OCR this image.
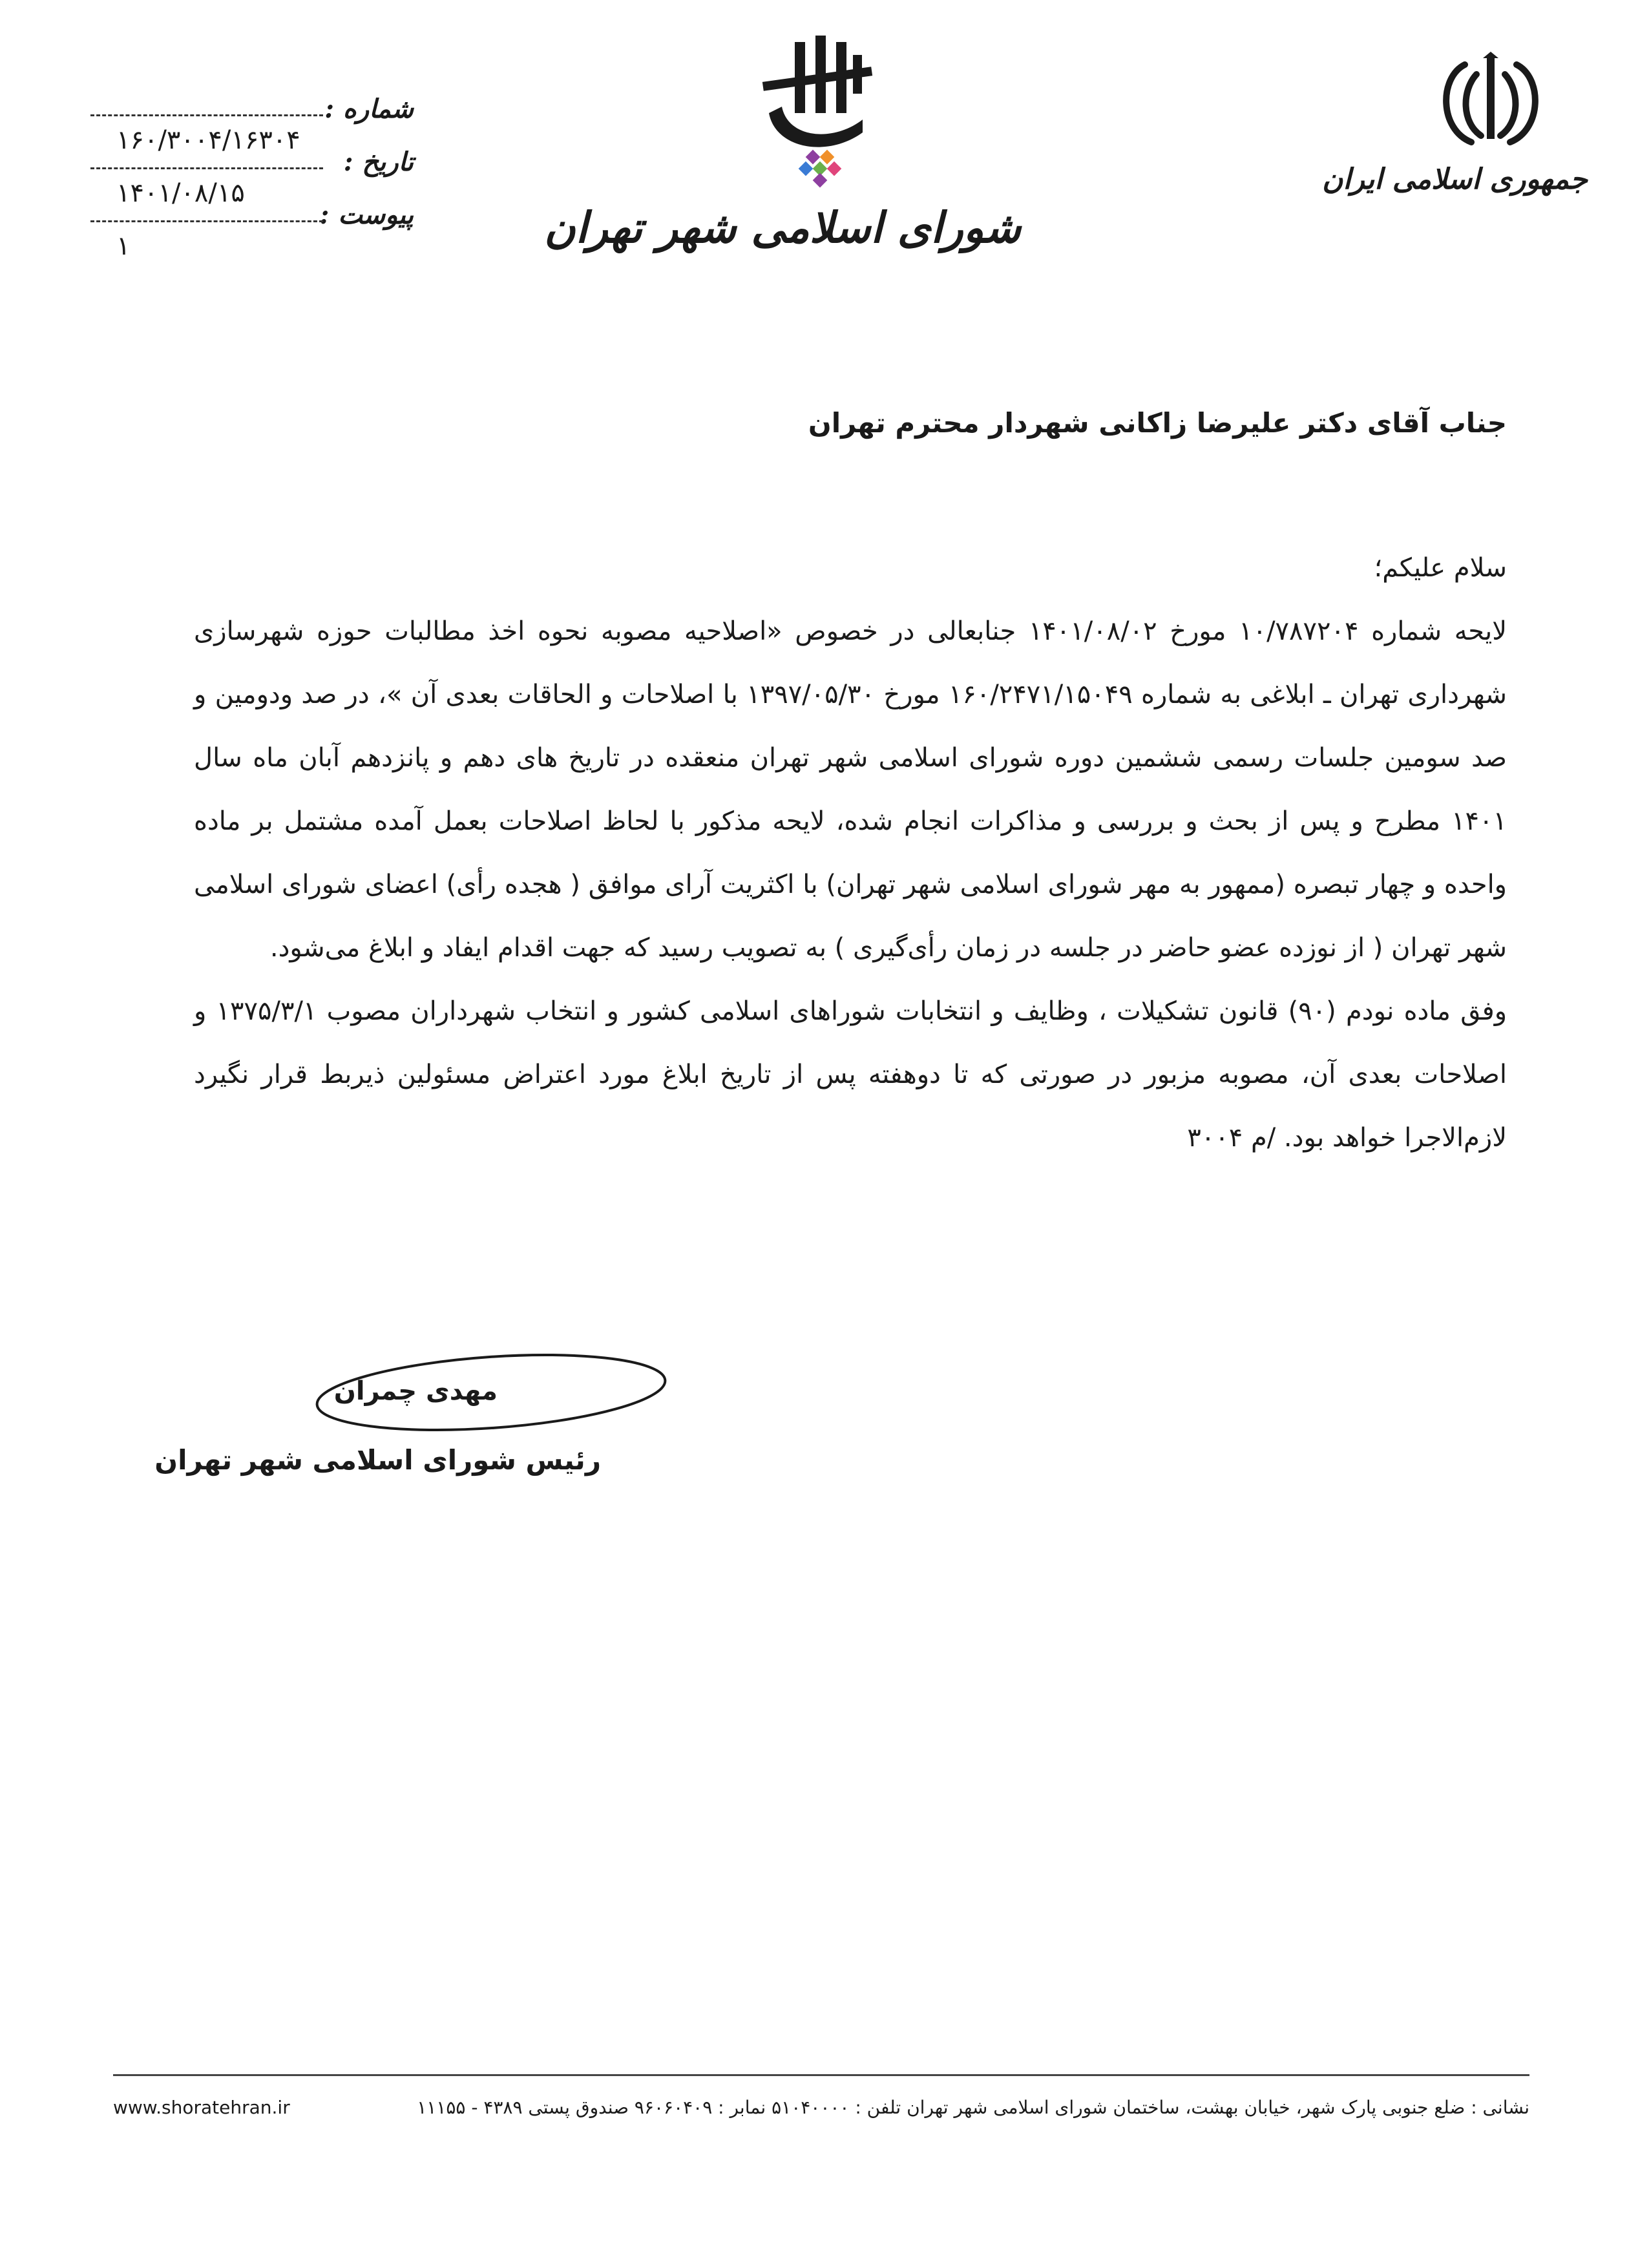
جمهوری اسلامی ایران
شورای اسلامی شهر تهران
شماره :
۱۶۰/۳۰۰۴/۱۶۳۰۴
تاریخ :
۱۴۰۱/۰۸/۱۵
پیوست :
۱
جناب آقای دکتر علیرضا زاکانی شهردار محترم تهران

سلام علیکم؛

لایحه شماره ۱۰/۷۸۷۲۰۴ مورخ ۱۴۰۱/۰۸/۰۲ جنابعالی در خصوص «اصلاحیه مصوبه نحوه اخذ مطالبات حوزه شهرسازی شهرداری تهران ـ ابلاغی به شماره ۱۶۰/۲۴۷۱/۱۵۰۴۹ مورخ ۱۳۹۷/۰۵/۳۰ با اصلاحات و الحاقات بعدی آن »، در صد ودومین و صد سومین جلسات رسمی ششمین دوره شورای اسلامی شهر تهران منعقده در تاریخ های دهم و پانزدهم آبان ماه سال ۱۴۰۱ مطرح و پس از بحث و بررسی و مذاکرات انجام شده، لایحه مذکور با لحاظ اصلاحات بعمل آمده مشتمل بر ماده واحده و چهار تبصره (ممهور به مهر شورای اسلامی شهر تهران) با اکثریت آرای موافق ( هجده رأی) اعضای شورای اسلامی شهر تهران ( از نوزده عضو حاضر در جلسه در زمان رأی‌گیری ) به تصویب رسید که جهت اقدام ایفاد و ابلاغ می‌شود.

وفق ماده نودم (۹۰) قانون تشکیلات ، وظایف و انتخابات شوراهای اسلامی کشور و انتخاب شهرداران مصوب ۱۳۷۵/۳/۱ و اصلاحات بعدی آن، مصوبه مزبور در صورتی که تا دوهفته پس از تاریخ ابلاغ مورد اعتراض مسئولین ذیربط قرار نگیرد لازم‌الاجرا خواهد بود. /م ۳۰۰۴

مهدی چمران
رئیس شورای اسلامی شهر تهران
www.shoratehran.ir	نشانی : ضلع جنوبی پارک شهر، خیابان بهشت، ساختمان شورای اسلامی شهر تهران تلفن : ۵۱۰۴۰۰۰۰ نمابر : ۹۶۰۶۰۴۰۹ صندوق پستی ۴۳۸۹ - ۱۱۱۵۵
